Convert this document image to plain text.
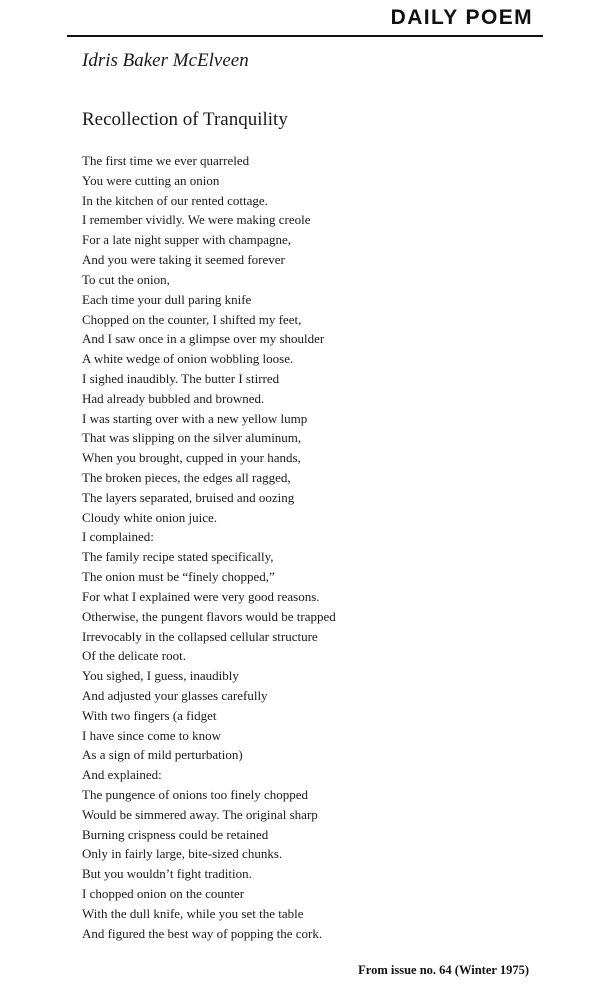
DAILY POEM
Idris Baker McElveen
Recollection of Tranquility
The first time we ever quarreled
You were cutting an onion
In the kitchen of our rented cottage.
I remember vividly. We were making creole
For a late night supper with champagne,
And you were taking it seemed forever
To cut the onion,
Each time your dull paring knife
Chopped on the counter, I shifted my feet,
And I saw once in a glimpse over my shoulder
A white wedge of onion wobbling loose.
I sighed inaudibly. The butter I stirred
Had already bubbled and browned.
I was starting over with a new yellow lump
That was slipping on the silver aluminum,
When you brought, cupped in your hands,
The broken pieces, the edges all ragged,
The layers separated, bruised and oozing
Cloudy white onion juice.
I complained:
The family recipe stated specifically,
The onion must be “finely chopped,”
For what I explained were very good reasons.
Otherwise, the pungent flavors would be trapped
Irrevocably in the collapsed cellular structure
Of the delicate root.
You sighed, I guess, inaudibly
And adjusted your glasses carefully
With two fingers (a fidget
I have since come to know
As a sign of mild perturbation)
And explained:
The pungence of onions too finely chopped
Would be simmered away. The original sharp
Burning crispness could be retained
Only in fairly large, bite-sized chunks.
But you wouldn’t fight tradition.
I chopped onion on the counter
With the dull knife, while you set the table
And figured the best way of popping the cork.
From issue no. 64 (Winter 1975)
